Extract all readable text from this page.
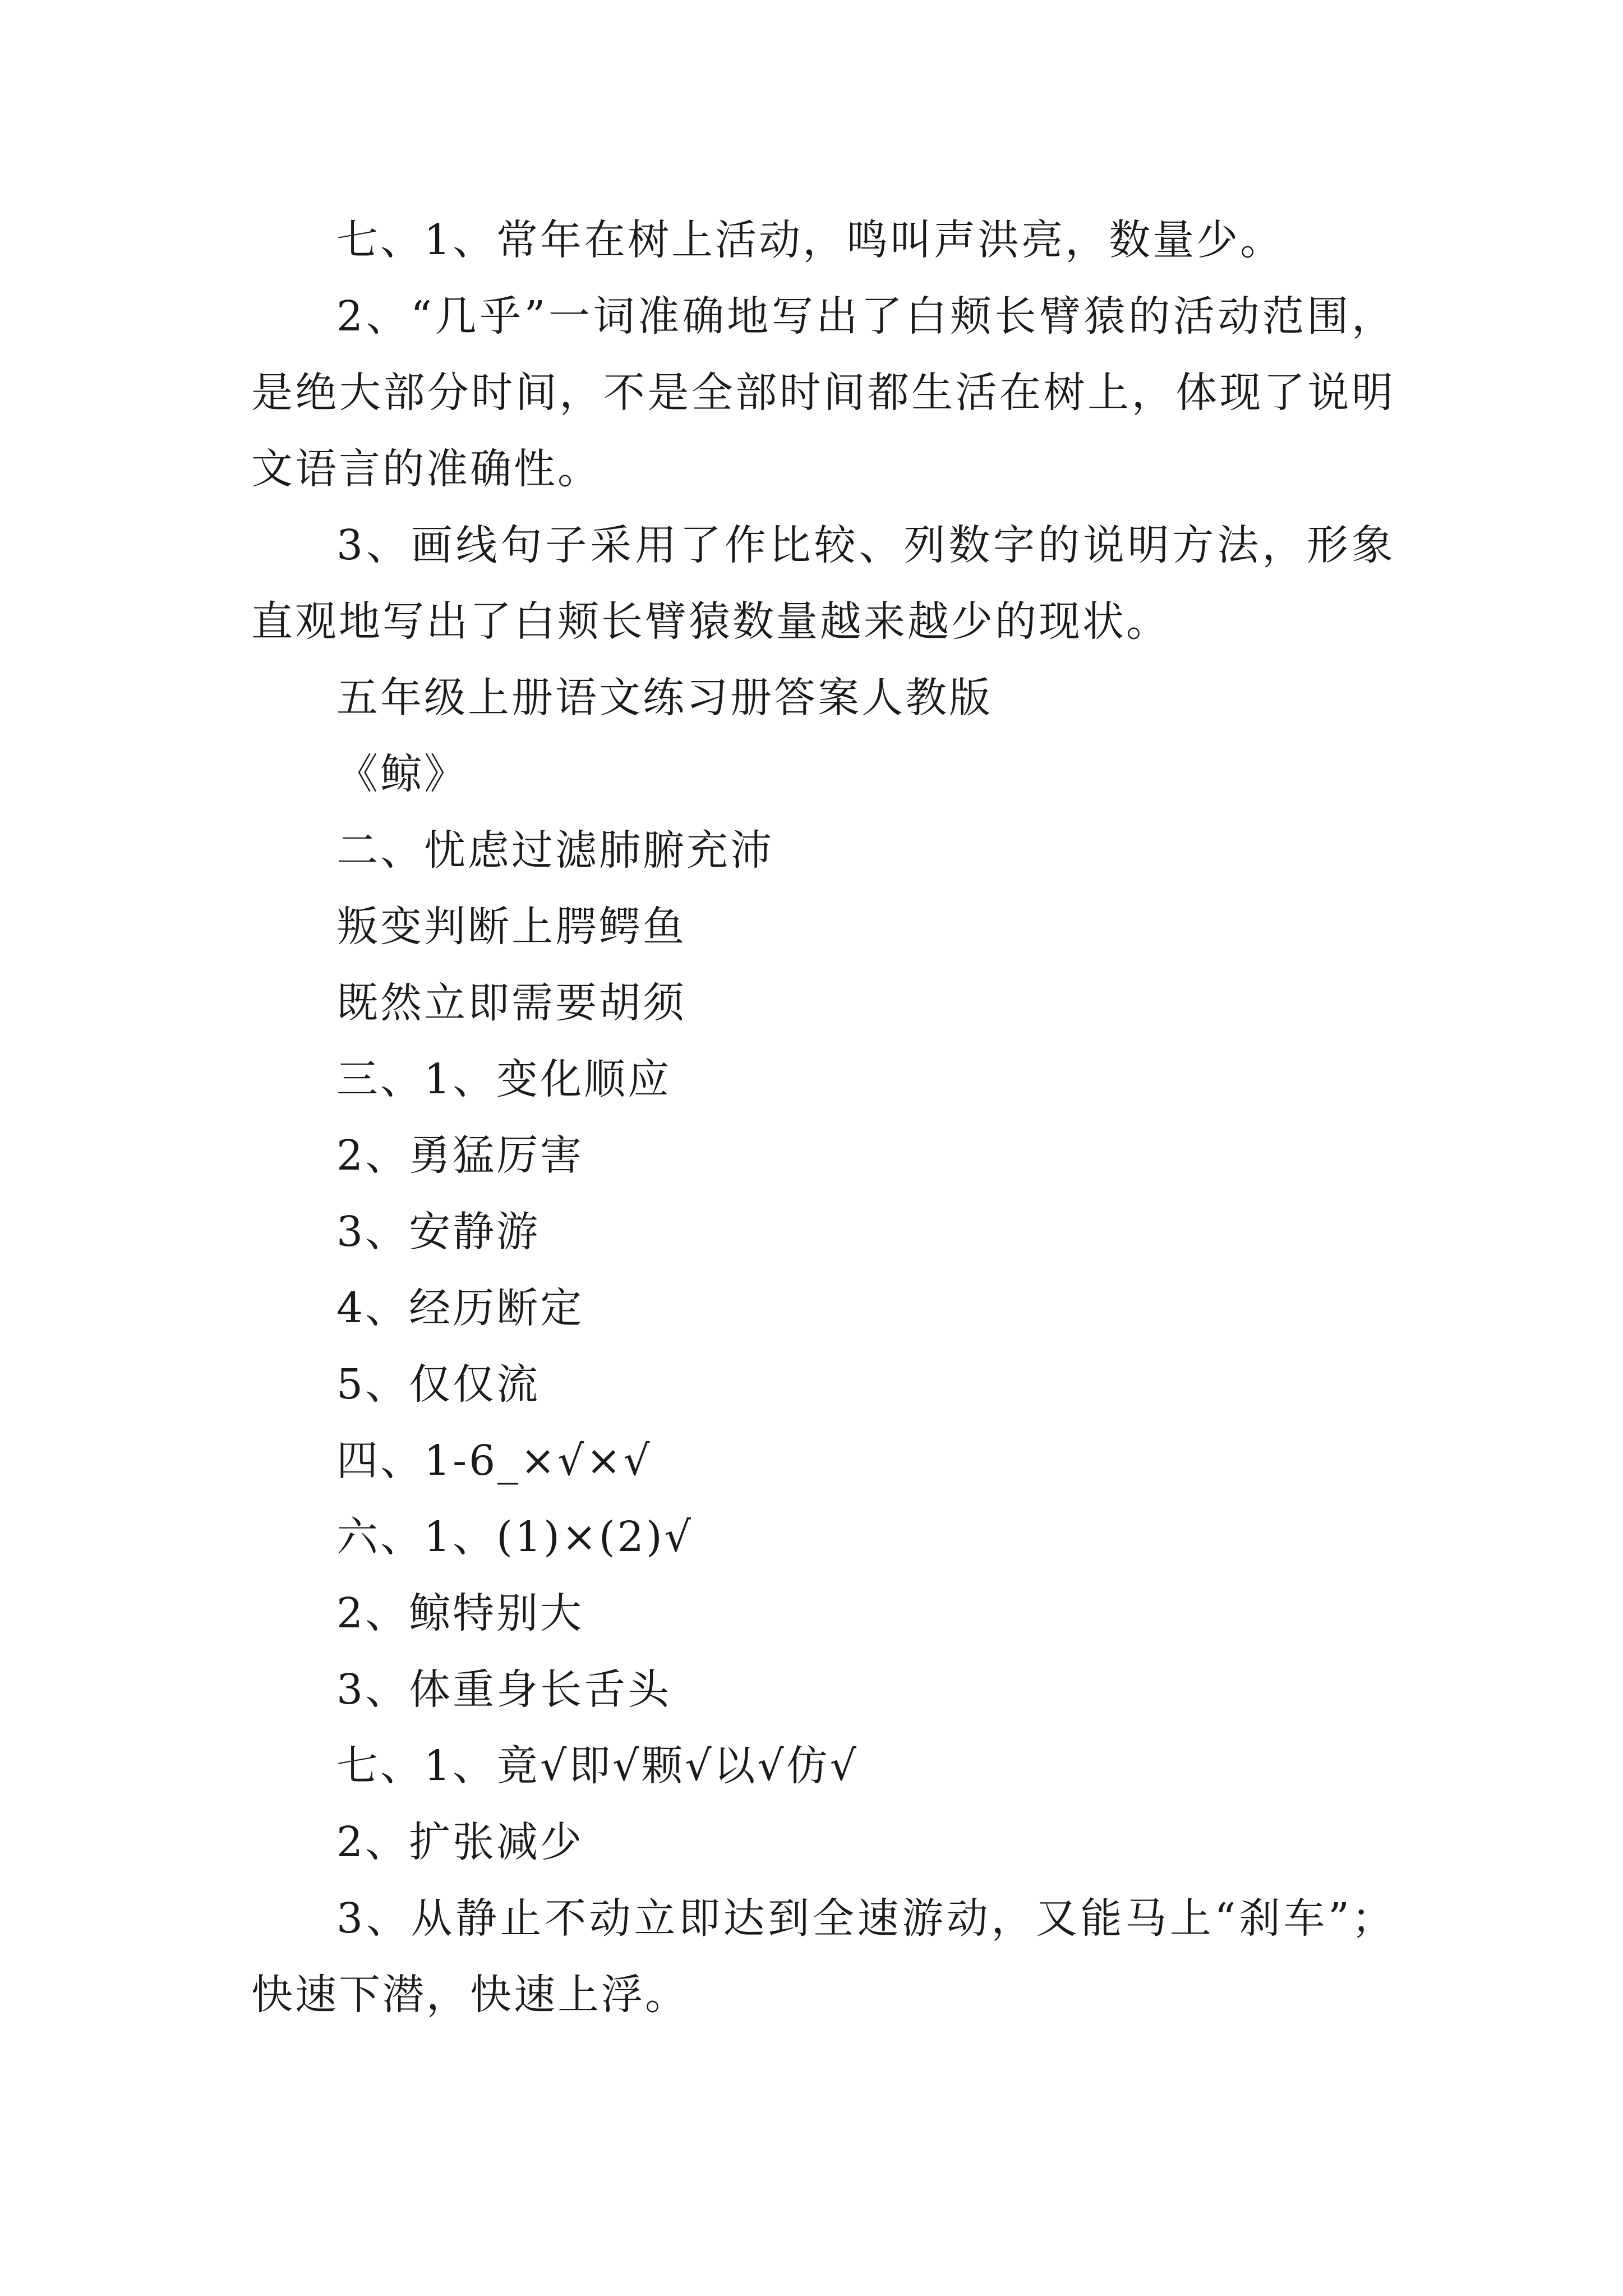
七、1、常年在树上活动，鸣叫声洪亮，数量少。

2、“几乎”一词准确地写出了白颊长臂猿的活动范围，是绝大部分时间，不是全部时间都生活在树上，体现了说明文语言的准确性。

3、画线句子采用了作比较、列数字的说明方法，形象直观地写出了白颊长臂猿数量越来越少的现状。

五年级上册语文练习册答案人教版

《鲸》

二、忧虑过滤肺腑充沛

叛变判断上腭鳄鱼

既然立即需要胡须

三、1、变化顺应

2、勇猛厉害

3、安静游

4、经历断定

5、仅仅流

四、1-6_×√×√

六、1、(1)×(2)√

2、鲸特别大

3、体重身长舌头

七、1、竟√即√颗√以√仿√

2、扩张减少

3、从静止不动立即达到全速游动，又能马上“刹车”；快速下潜，快速上浮。
